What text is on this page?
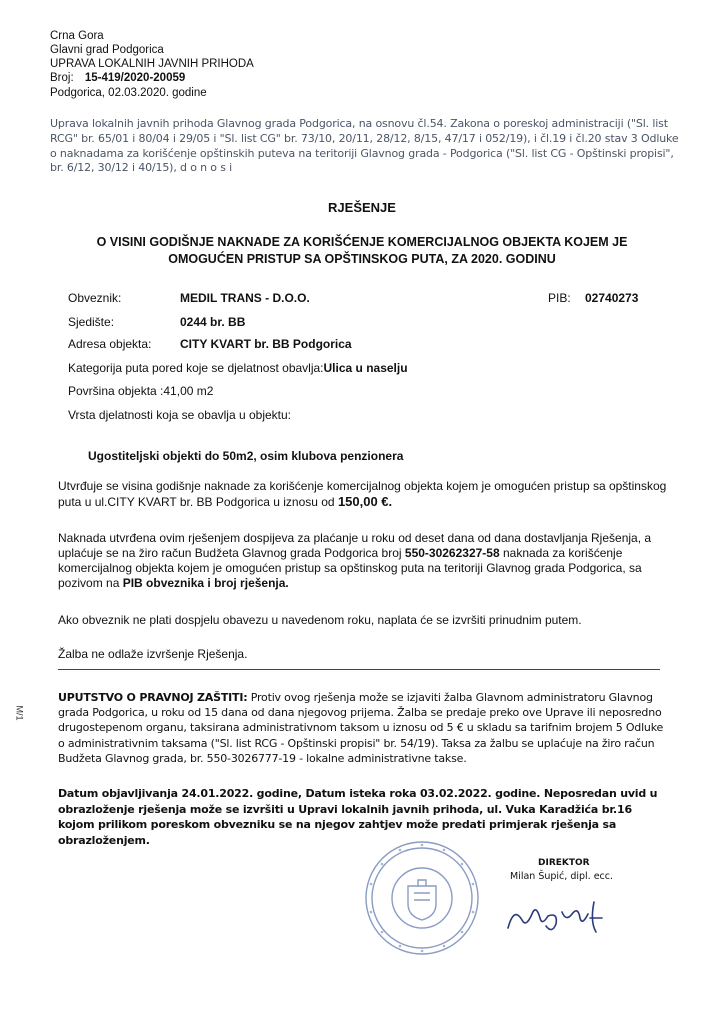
Crna Gora
Glavni grad Podgorica
UPRAVA LOKALNIH JAVNIH PRIHODA
Broj: 15-419/2020-20059
Podgorica, 02.03.2020. godine
Uprava lokalnih javnih prihoda Glavnog grada Podgorica, na osnovu čl.54. Zakona o poreskoj administraciji ("Sl. list RCG" br. 65/01 i 80/04 i 29/05 i "Sl. list CG" br. 73/10, 20/11, 28/12, 8/15, 47/17 i 052/19), i čl.19 i čl.20 stav 3 Odluke o naknadama za korišćenje opštinskih puteva na teritoriji Glavnog grada - Podgorica ("Sl. list CG - Opštinski propisi", br. 6/12, 30/12 i 40/15), d o n o s i
RJEŠENJE
O VISINI GODIŠNJE NAKNADE ZA KORIŠĆENJE KOMERCIJALNOG OBJEKTA KOJEM JE
OMOGUĆEN PRISTUP SA OPŠTINSKOG PUTA, ZA 2020. GODINU
Obveznik:	MEDIL TRANS - D.O.O.	PIB: 02740273
Sjedište:	0244 br. BB
Adresa objekta: CITY KVART br. BB Podgorica
Kategorija puta pored koje se djelatnost obavlja:Ulica u naselju
Površina objekta :41,00 m2
Vrsta djelatnosti koja se obavlja u objektu:
Ugostiteljski objekti do 50m2, osim klubova penzionera
Utvrđuje se visina godišnje naknade za korišćenje komercijalnog objekta kojem je omogućen pristup sa opštinskog puta u ul.CITY KVART br. BB Podgorica u iznosu od 150,00 €.
Naknada utvrđena ovim rješenjem dospijeva za plaćanje u roku od deset dana od dana dostavljanja Rješenja, a uplaćuje se na žiro račun Budžeta Glavnog grada Podgorica broj 550-30262327-58 naknada za korišćenje komercijalnog objekta kojem je omogućen pristup sa opštinskog puta na teritoriji Glavnog grada Podgorica, sa pozivom na PIB obveznika i broj rješenja.
Ako obveznik ne plati dospjelu obavezu u navedenom roku, naplata će se izvršiti prinudnim putem.
Žalba ne odlaže izvršenje Rješenja.
M/1
UPUTSTVO O PRAVNOJ ZAŠTITI: Protiv ovog rješenja može se izjaviti žalba Glavnom administratoru Glavnog grada Podgorica, u roku od 15 dana od dana njegovog prijema. Žalba se predaje preko ove Uprave ili neposredno drugostepenom organu, taksirana administrativnom taksom u iznosu od 5 € u skladu sa tarifnim brojem 5 Odluke o administrativnim taksama ("Sl. list RCG - Opštinski propisi" br. 54/19). Taksa za žalbu se uplaćuje na žiro račun Budžeta Glavnog grada, br. 550-3026777-19 - lokalne administrativne takse.
Datum objavljivanja 24.01.2022. godine, Datum isteka roka 03.02.2022. godine. Neposredan uvid u obrazloženje rješenja može se izvršiti u Upravi lokalnih javnih prihoda, ul. Vuka Karadžića br.16 kojom prilikom poreskom obvezniku se na njegov zahtjev može predati primjerak rješenja sa obrazloženjem.
DIREKTOR
Milan Šupić, dipl. ecc.
